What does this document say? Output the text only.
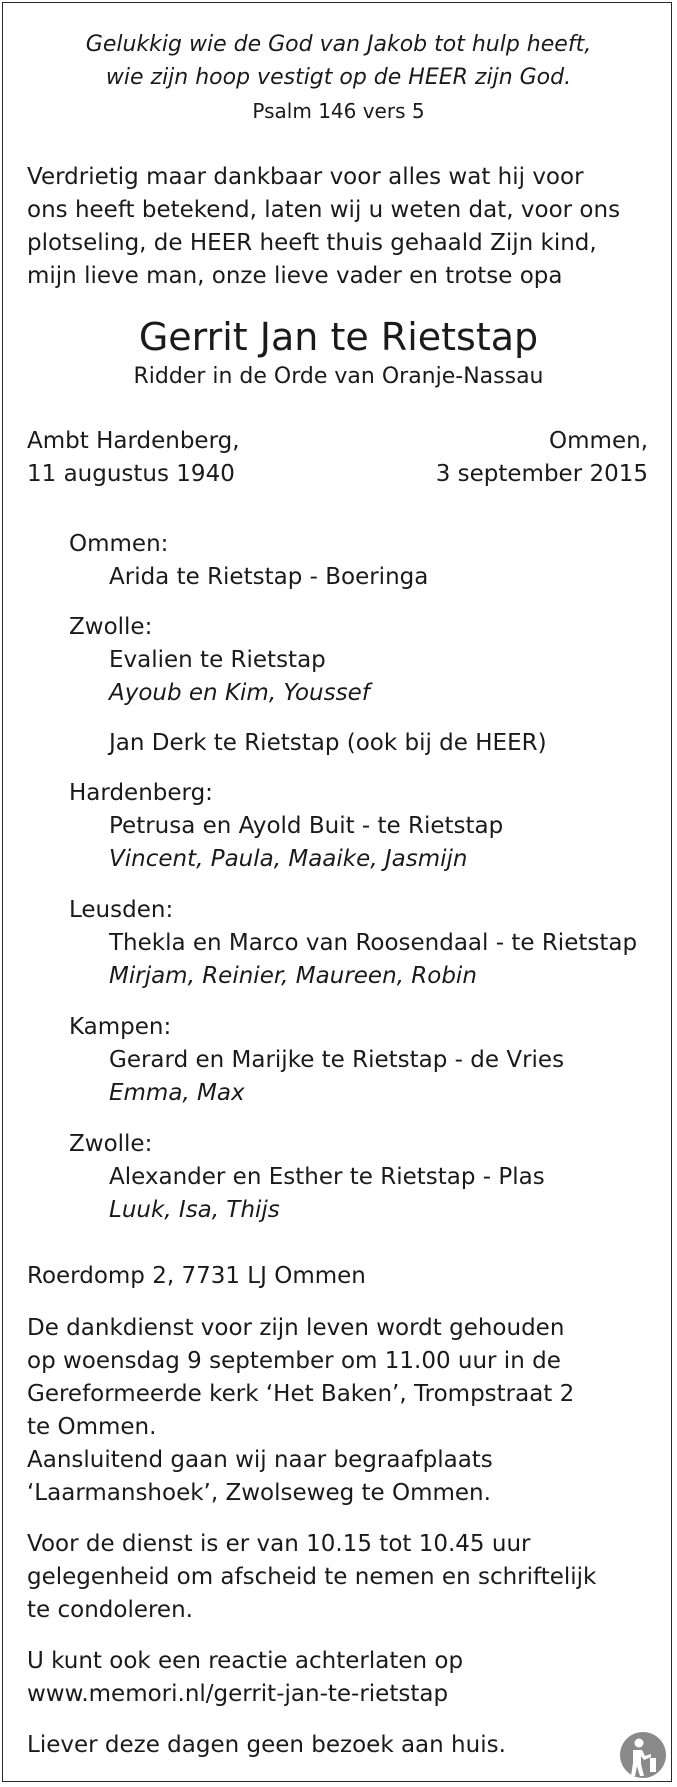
Gelukkig wie de God van Jakob tot hulp heeft,
wie zijn hoop vestigt op de HEER zijn God.
Psalm 146 vers 5
Verdrietig maar dankbaar voor alles wat hij voor
ons heeft betekend, laten wij u weten dat, voor ons
plotseling, de HEER heeft thuis gehaald Zijn kind,
mijn lieve man, onze lieve vader en trotse opa
Gerrit Jan te Rietstap
Ridder in de Orde van Oranje-Nassau
Ambt Hardenberg,
11 augustus 1940
Ommen,
3 september 2015
Ommen:
Arida te Rietstap - Boeringa
Zwolle:
Evalien te Rietstap
Ayoub en Kim, Youssef
Jan Derk te Rietstap (ook bij de HEER)
Hardenberg:
Petrusa en Ayold Buit - te Rietstap
Vincent, Paula, Maaike, Jasmijn
Leusden:
Thekla en Marco van Roosendaal - te Rietstap
Mirjam, Reinier, Maureen, Robin
Kampen:
Gerard en Marijke te Rietstap - de Vries
Emma, Max
Zwolle:
Alexander en Esther te Rietstap - Plas
Luuk, Isa, Thijs
Roerdomp 2, 7731 LJ Ommen
De dankdienst voor zijn leven wordt gehouden
op woensdag 9 september om 11.00 uur in de
Gereformeerde kerk ‘Het Baken’, Trompstraat 2
te Ommen.
Aansluitend gaan wij naar begraafplaats
‘Laarmanshoek’, Zwolseweg te Ommen.
Voor de dienst is er van 10.15 tot 10.45 uur
gelegenheid om afscheid te nemen en schriftelijk
te condoleren.
U kunt ook een reactie achterlaten op
www.memori.nl/gerrit-jan-te-rietstap
Liever deze dagen geen bezoek aan huis.
